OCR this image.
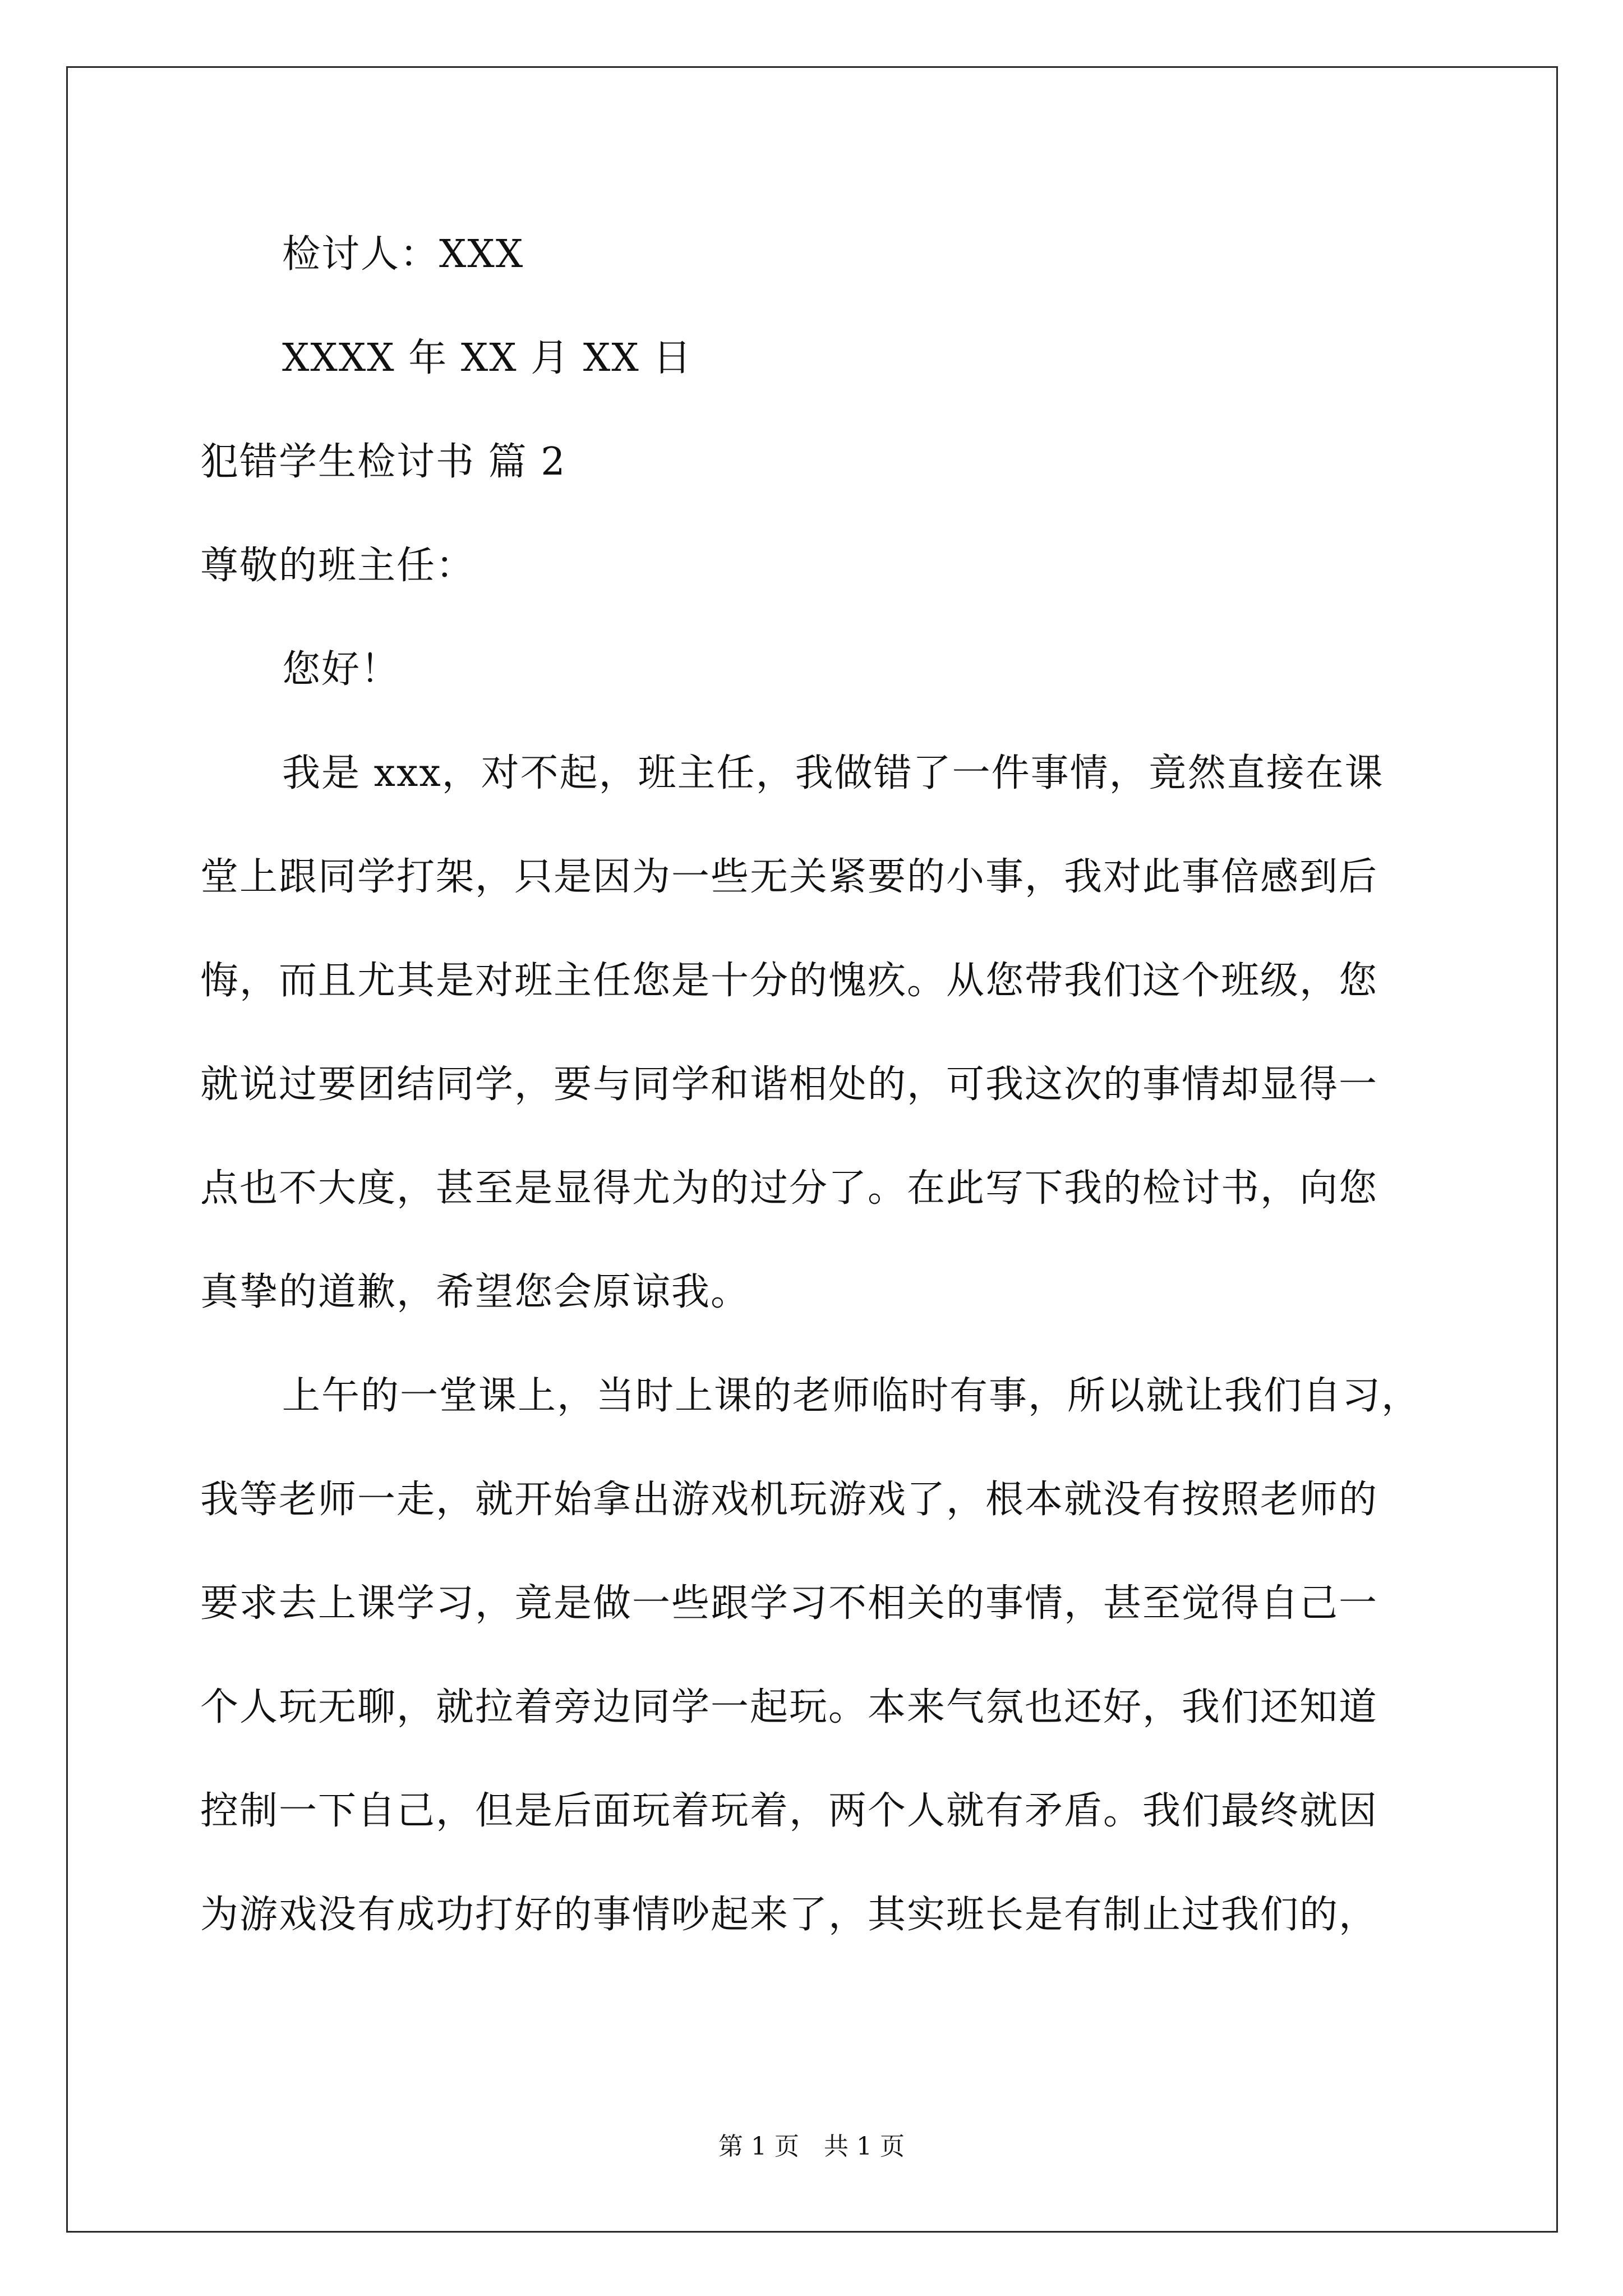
检讨人：XXX
XXXX 年 XX 月 XX 日
犯错学生检讨书 篇 2
尊敬的班主任：
您好！
我是 xxx，对不起，班主任，我做错了一件事情，竟然直接在课
堂上跟同学打架，只是因为一些无关紧要的小事，我对此事倍感到后
悔，而且尤其是对班主任您是十分的愧疚。从您带我们这个班级，您
就说过要团结同学，要与同学和谐相处的，可我这次的事情却显得一
点也不大度，甚至是显得尤为的过分了。在此写下我的检讨书，向您
真挚的道歉，希望您会原谅我。
上午的一堂课上，当时上课的老师临时有事，所以就让我们自习，
我等老师一走，就开始拿出游戏机玩游戏了，根本就没有按照老师的
要求去上课学习，竟是做一些跟学习不相关的事情，甚至觉得自己一
个人玩无聊，就拉着旁边同学一起玩。本来气氛也还好，我们还知道
控制一下自己，但是后面玩着玩着，两个人就有矛盾。我们最终就因
为游戏没有成功打好的事情吵起来了，其实班长是有制止过我们的，
第 1 页　共 1 页
